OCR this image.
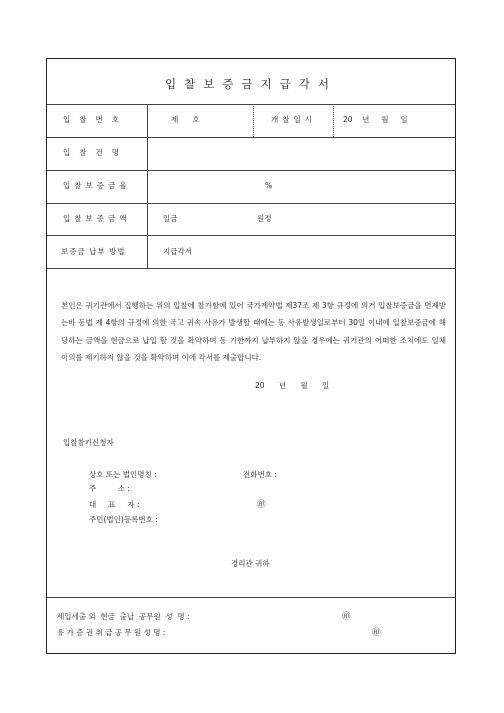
입찰보증금지급각서
입찰번호	제      호	개찰일시	20    년     월     일
입찰건명
입찰보증금율	%
입찰보증금액	일금	원정
보증금 납부 방법	지급각서
본인은 귀기관에서 집행하는 위의 입찰에 참가함에 있어 국가계약법 제37조 제 3항 규정에 의거 입찰보증금을 면제받는바 동법 제 4항의 규정에 의한 국고 귀속 사유가 발생할 때에는 동 사유발생일로부터 30일 이내에 입찰보증금에 해당하는 금액을 현금으로 납입 할 것을 확약하며 동 기한까지 납부하지 않을 경우에는 귀기관의 어떠한 조치에도 일체 이의를 제기하지 않을 것을 확약하며 이에 각서를 제출합니다.
20      년      월      일
입찰참가신청자
상호 또는 법인명칭 :	전화번호 :
주         소 :
대     표     자 :	㊞
주민(법인)등록번호 :
경리관 귀하
세입세출 외  현금  출납  공무원  성  명 :	㊞
유 가 증 권 취 급 공 무 원 성 명 :	㊞
